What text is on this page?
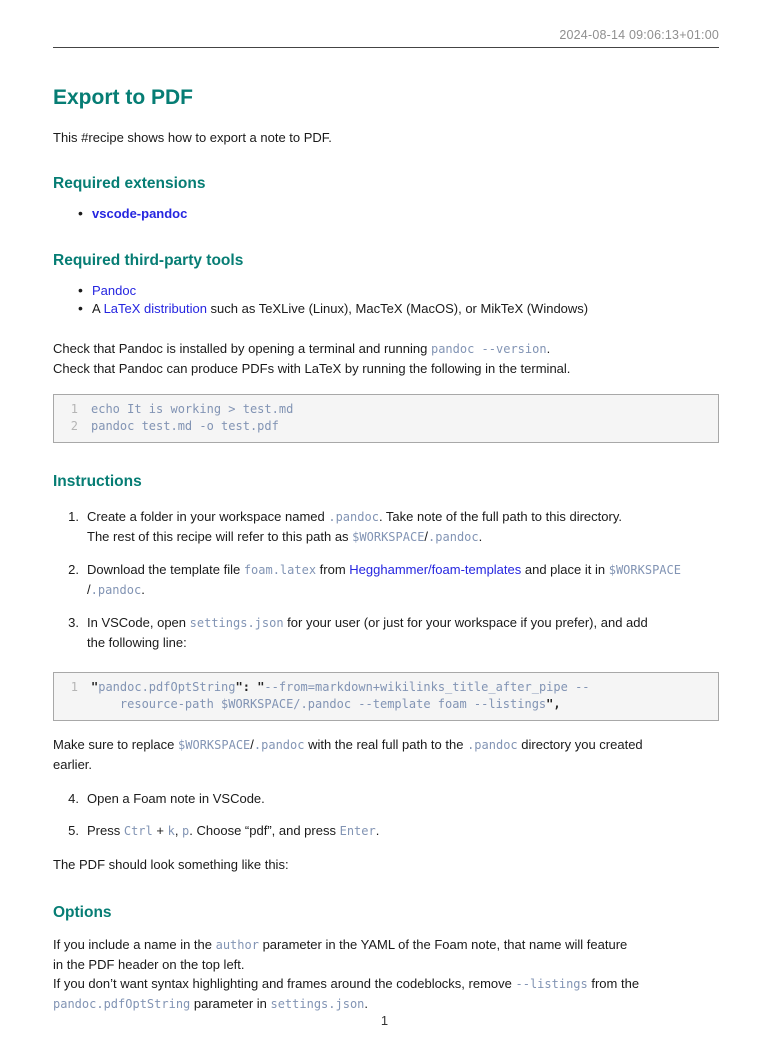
2024-08-14 09:06:13+01:00
Export to PDF

This #recipe shows how to export a note to PDF.

Required extensions
• vscode-pandoc
Required third-party tools
• Pandoc
• A LaTeX distribution such as TeXLive (Linux), MacTeX (MacOS), or MikTeX (Windows)

Check that Pandoc is installed by opening a terminal and running pandoc --version.
Check that Pandoc can produce PDFs with LaTeX by running the following in the terminal.

1 echo It is working > test.md
2 pandoc test.md -o test.pdf
Instructions
1. Create a folder in your workspace named .pandoc. Take note of the full path to this directory.
The rest of this recipe will refer to this path as $WORKSPACE/.pandoc.
2. Download the template file foam.latex from Hegghammer/foam-templates and place it in $WORKSPACE
/.pandoc.
3. In VSCode, open settings.json for your user (or just for your workspace if you prefer), and add
the following line:
1 "pandoc.pdfOptString": "--from=markdown+wikilinks_title_after_pipe --
resource-path $WORKSPACE/.pandoc --template foam --listings",

Make sure to replace $WORKSPACE/.pandoc with the real full path to the .pandoc directory you created
earlier.

4. Open a Foam note in VSCode.
5. Press Ctrl + k, p. Choose “pdf”, and press Enter.

The PDF should look something like this:

Options

If you include a name in the author parameter in the YAML of the Foam note, that name will feature
in the PDF header on the top left.
If you don’t want syntax highlighting and frames around the codeblocks, remove --listings from the
pandoc.pdfOptString parameter in settings.json.

1
